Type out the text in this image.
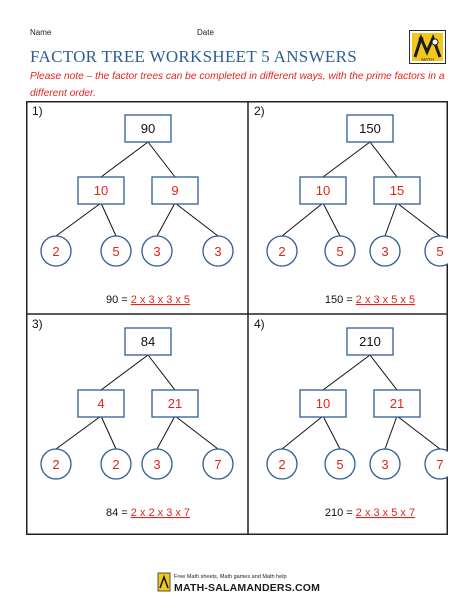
Name	Date
FACTOR TREE WORKSHEET 5 ANSWERS
Please note – the factor trees can be completed in different ways, with the prime factors in a different order.
MATH
1)
90
10	9
2	5	3	3
90 = 2 x 3 x 3 x 5
2)
150
10	15
2	5	3	5
150 = 2 x 3 x 5 x 5
3)
84
4	21
2	2	3	7
84 = 2 x 2 x 3 x 7
4)
210
10	21
2	5	3	7
210 = 2 x 3 x 5 x 7
Free Math sheets, Math games and Math help
MATH-SALAMANDERS.COM
